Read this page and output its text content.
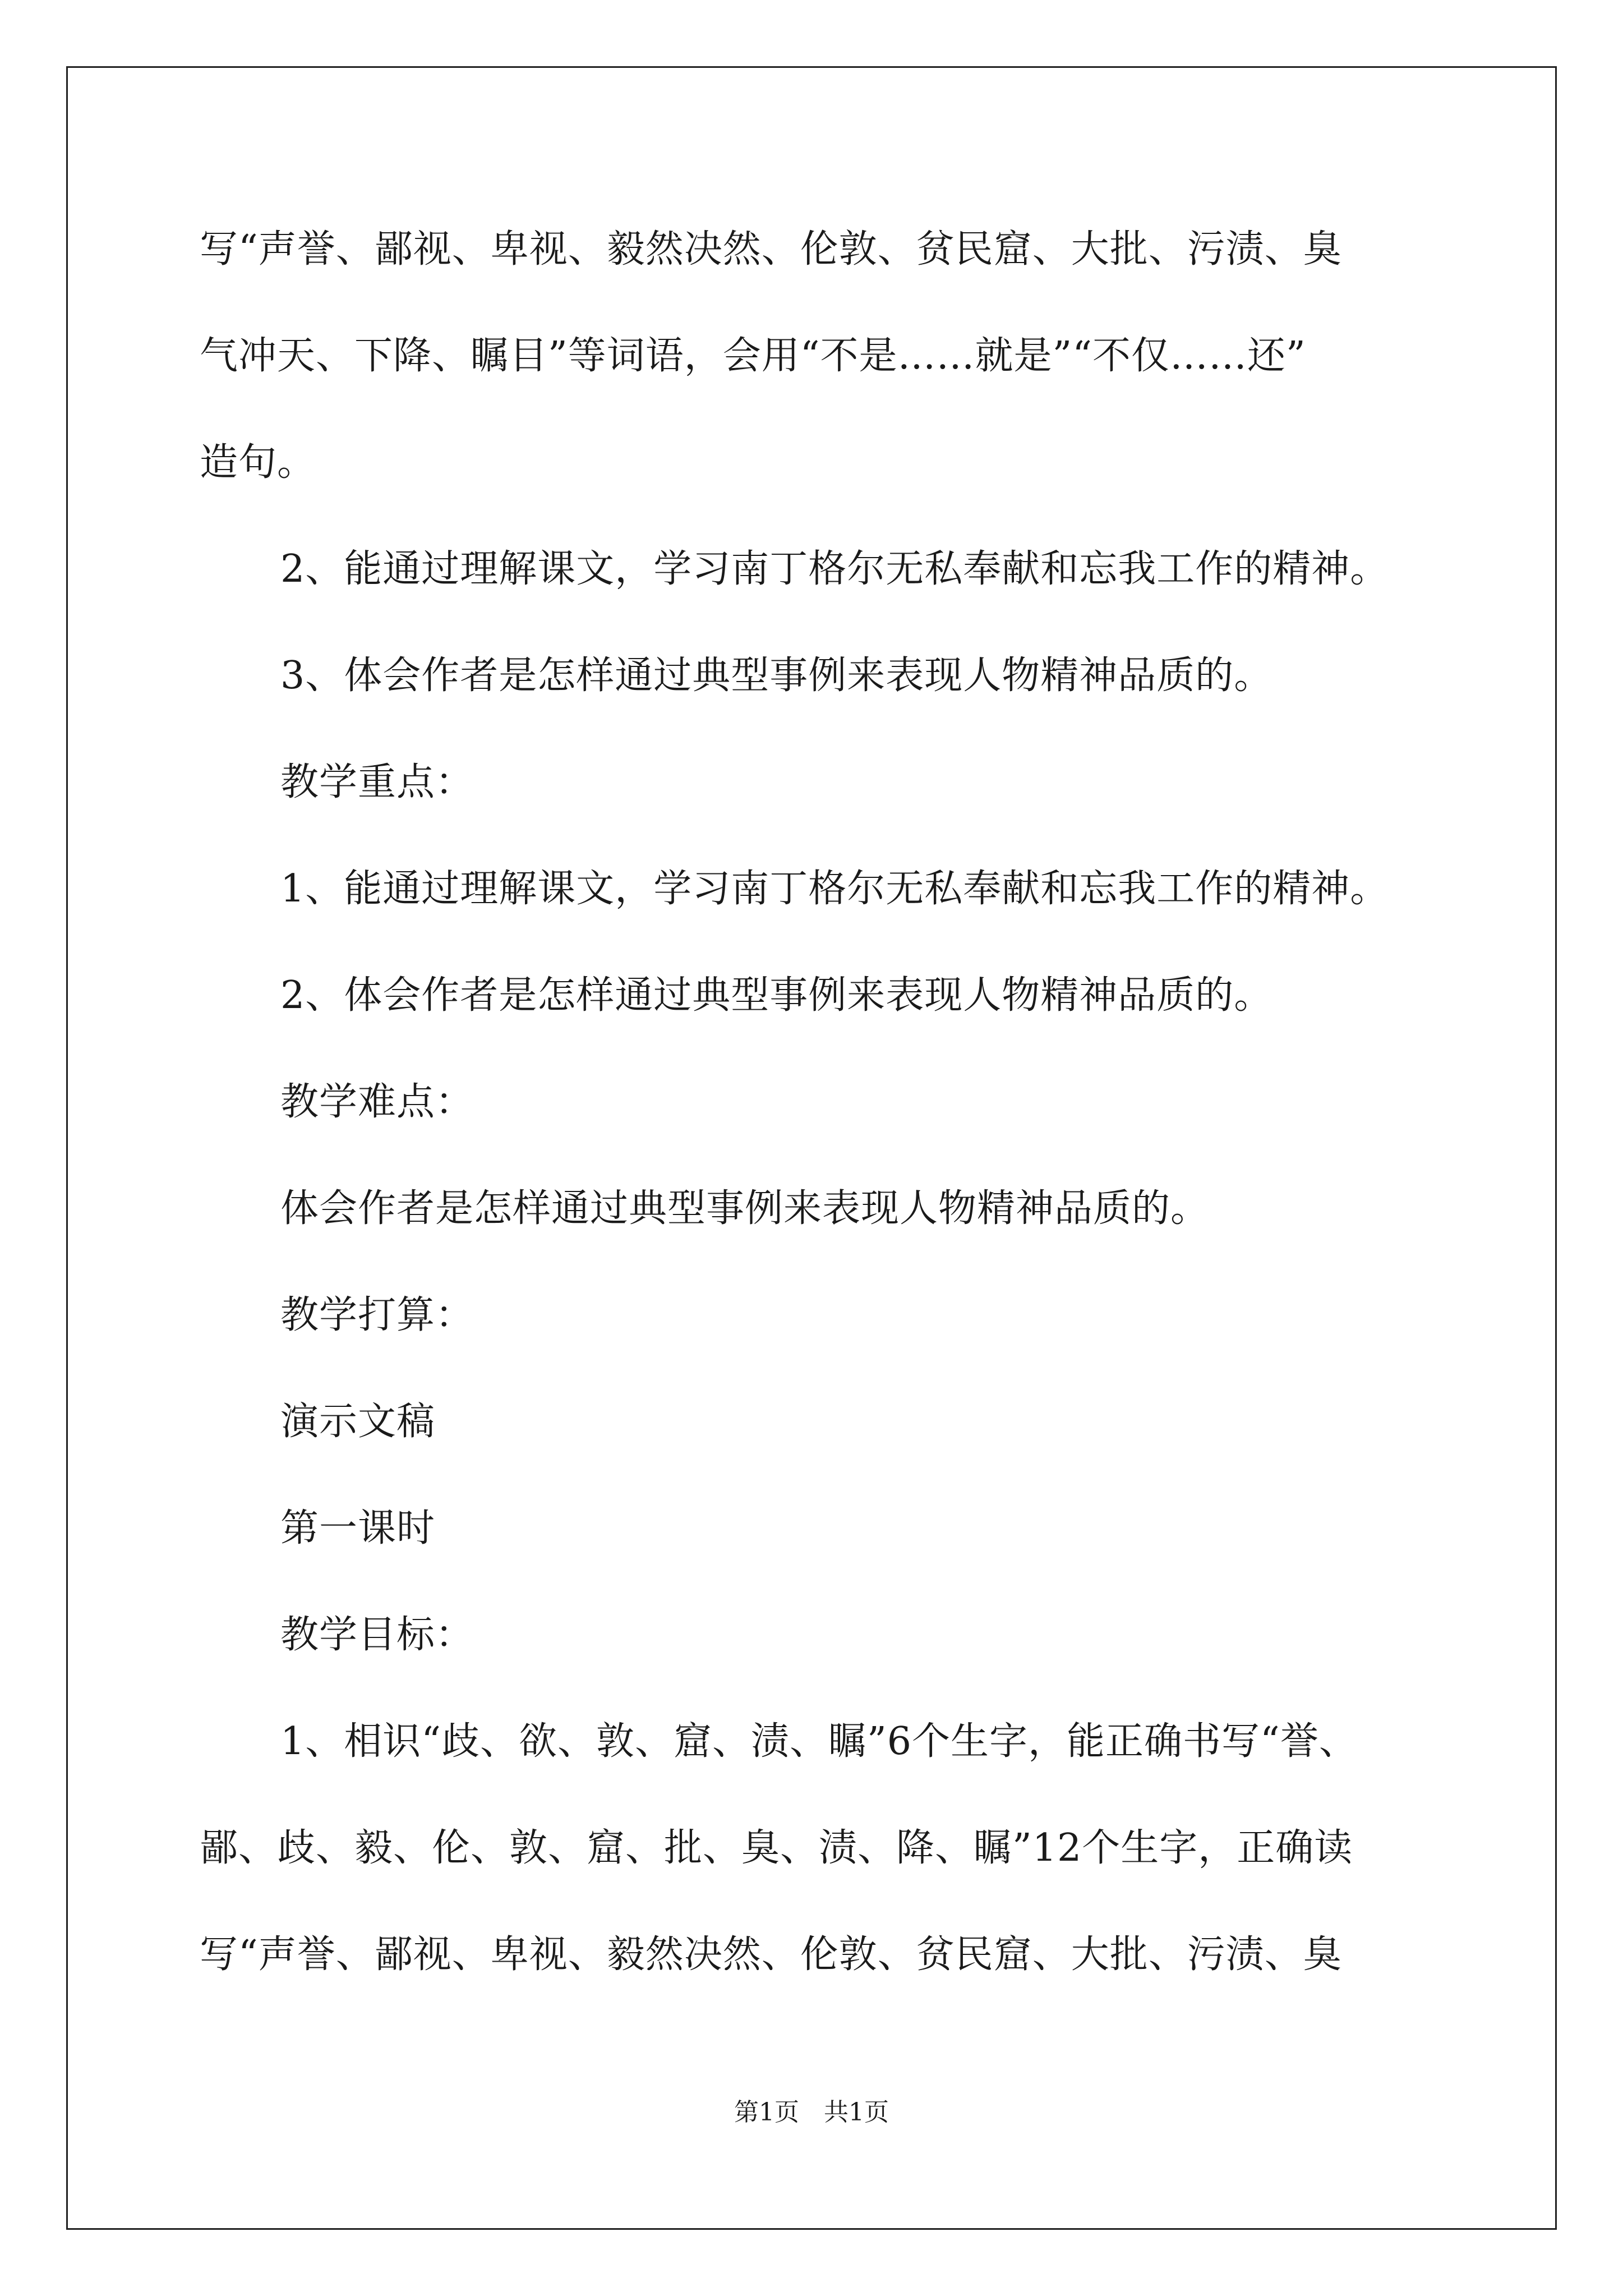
写“声誉、鄙视、卑视、毅然决然、伦敦、贫民窟、大批、污渍、臭
气冲天、下降、瞩目”等词语，会用“不是……就是”“不仅……还”
造句。
2、能通过理解课文，学习南丁格尔无私奉献和忘我工作的精神。
3、体会作者是怎样通过典型事例来表现人物精神品质的。
教学重点：
1、能通过理解课文，学习南丁格尔无私奉献和忘我工作的精神。
2、体会作者是怎样通过典型事例来表现人物精神品质的。
教学难点：
体会作者是怎样通过典型事例来表现人物精神品质的。
教学打算：
演示文稿
第一课时
教学目标：
1、相识“歧、欲、敦、窟、渍、瞩”6个生字，能正确书写“誉、
鄙、歧、毅、伦、敦、窟、批、臭、渍、降、瞩”12个生字，正确读
写“声誉、鄙视、卑视、毅然决然、伦敦、贫民窟、大批、污渍、臭
第1页　共1页
